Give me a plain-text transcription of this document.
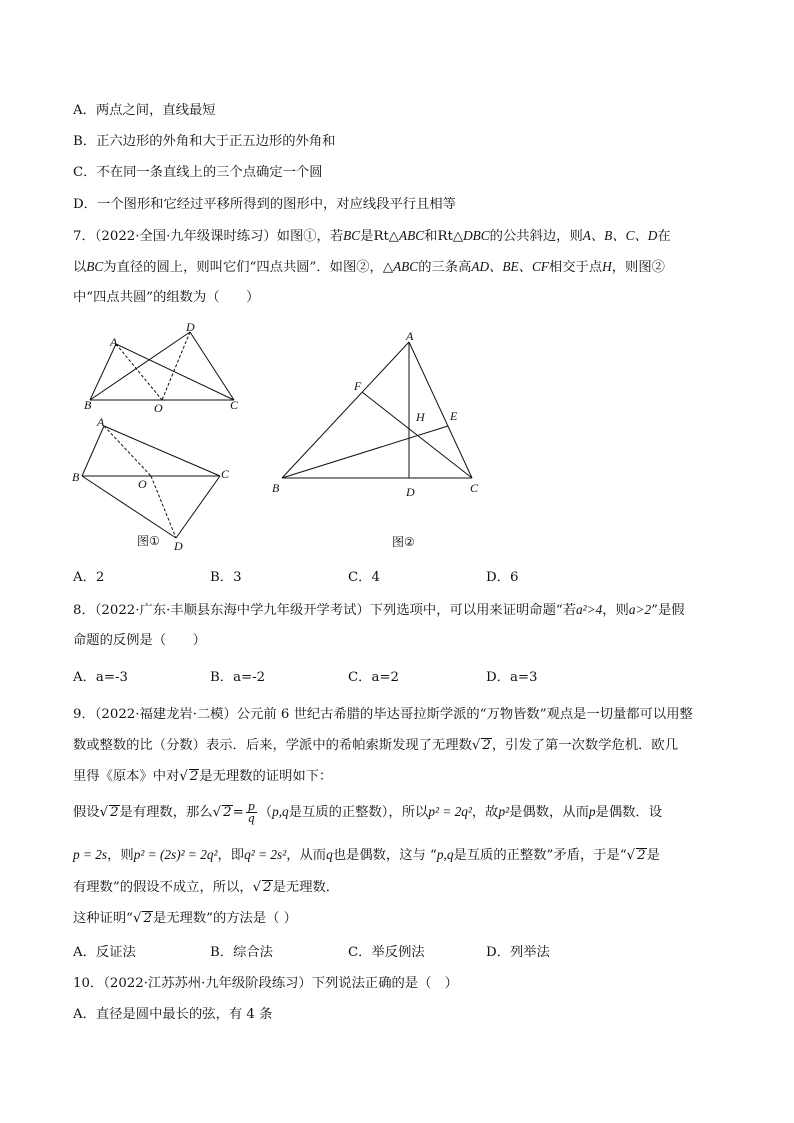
A．两点之间，直线最短
B．正六边形的外角和大于正五边形的外角和
C．不在同一条直线上的三个点确定一个圆
D．一个图形和它经过平移所得到的图形中，对应线段平行且相等
7．（2022·全国·九年级课时练习）如图①，若BC是Rt△ABC和Rt△DBC的公共斜边，则A、B、C、D在
以BC为直径的圆上，则叫它们“四点共圆”．如图②，△ABC的三条高AD、BE、CF相交于点H，则图②
中“四点共圆”的组数为（　　）
A
B	C
D
O
A
B	C
O
D
图①
A
B	C
D
E
F
H
图②
A．2	B．3	C．4	D．6
8．（2022·广东·丰顺县东海中学九年级开学考试）下列选项中，可以用来证明命题“若a²>4，则a>2”是假
命题的反例是（　　）
A．a=-3	B．a=-2	C．a=2	D．a=3
9．（2022·福建龙岩·二模）公元前 6 世纪古希腊的毕达哥拉斯学派的“万物皆数”观点是一切量都可以用整
数或整数的比（分数）表示．后来，学派中的希帕索斯发现了无理数√ 2，引发了第一次数学危机．欧几
里得《原本》中对√ 2是无理数的证明如下：
假设√ 2是有理数，那么√ $2= \frac{p}{q} (p,q$是互质的正整数），所以p² = 2q²，故p²是偶数，从而p是偶数．设
p = 2s，则p² = (2s)² = 2q²，即q² = 2s²，从而q也是偶数，这与 “p,q是互质的正整数”矛盾，于是“√ 2是
有理数”的假设不成立，所以，√ 2是无理数．
这种证明“√ 2是无理数”的方法是（ ）
A．反证法	B．综合法	C．举反例法	D．列举法
10．（2022·江苏苏州·九年级阶段练习）下列说法正确的是（　）
A．直径是圆中最长的弦，有 4 条
